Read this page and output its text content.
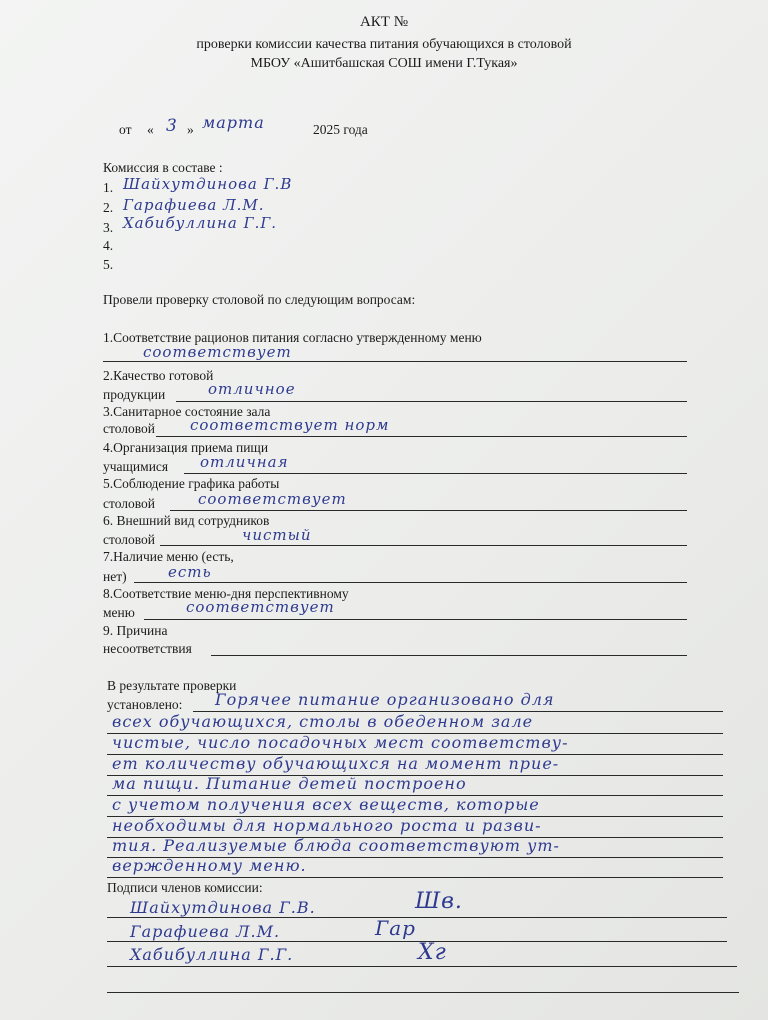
АКТ №
проверки комиссии качества питания обучающихся в столовой
МБОУ «Ашитбашская СОШ имени Г.Тукая»
от « 3 » марта	2025 года
Комиссия в составе :
1. Шайхутдинова Г.В
2. Гарафиева Л.М.
3. Хабибуллина Г.Г.
4.
5.
Провели проверку столовой по следующим вопросам:
1.Соответствие рационов питания согласно утвержденному меню
соответствует
2.Качество готовой
продукции	отличное
3.Санитарное состояние зала
столовой соответствует норм
4.Организация приема пищи
учащимися отличная
5.Соблюдение графика работы
столовой	соответствует
6. Внешний вид сотрудников
столовой	чистый
7.Наличие меню (есть,
нет)	есть
8.Соответствие меню-дня перспективному
меню	соответствует
9. Причина
несоответствия
В результате проверки
установлено: Горячее питание организовано для
всех обучающихся, столы в обеденном зале
чистые, число посадочных мест соответству-
ет количеству обучающихся на момент прие-
ма пищи. Питание детей построено
с учетом получения всех веществ, которые
необходимы для нормального роста и разви-
тия. Реализуемые блюда соответствуют ут-
вержденному меню.
Подписи членов комиссии:
Шайхутдинова Г.В.	Шв.
Гарафиева Л.М.	Гар
Хабибуллина Г.Г.	Хг
